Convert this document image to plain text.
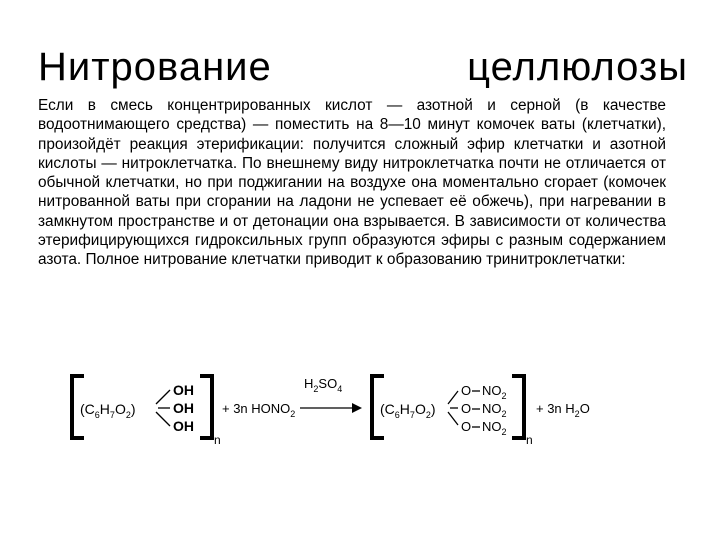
Нитрование	целлюлозы

Если в смесь концентрированных кислот — азотной и серной (в качестве водоотнимающего средства) — поместить на 8—10 минут комочек ваты (клетчатки), произойдёт реакция этерификации: получится сложный эфир клетчатки и азотной кислоты — нитроклетчатка. По внешнему виду нитроклетчатка почти не отличается от обычной клетчатки, но при поджигании на воздухе она моментально сгорает (комочек нитрованной ваты при сгорании на ладони не успевает её обжечь), при нагревании в замкнутом пространстве и от детонации она взрывается. В зависимости от количества этерифицирующихся гидроксильных групп образуются эфиры с разным содержанием азота. Полное нитрование клетчатки приводит к образованию тринитроклетчатки:

$(C_6H_7O_2)$
OH
OH
OH
n
+ 3n $HONO_2$
$H_2SO_4$
$(C_6H_7O_2)$
O $NO_2$
O $NO_2$
O $NO_2$
n
+ 3n $H_2O$
